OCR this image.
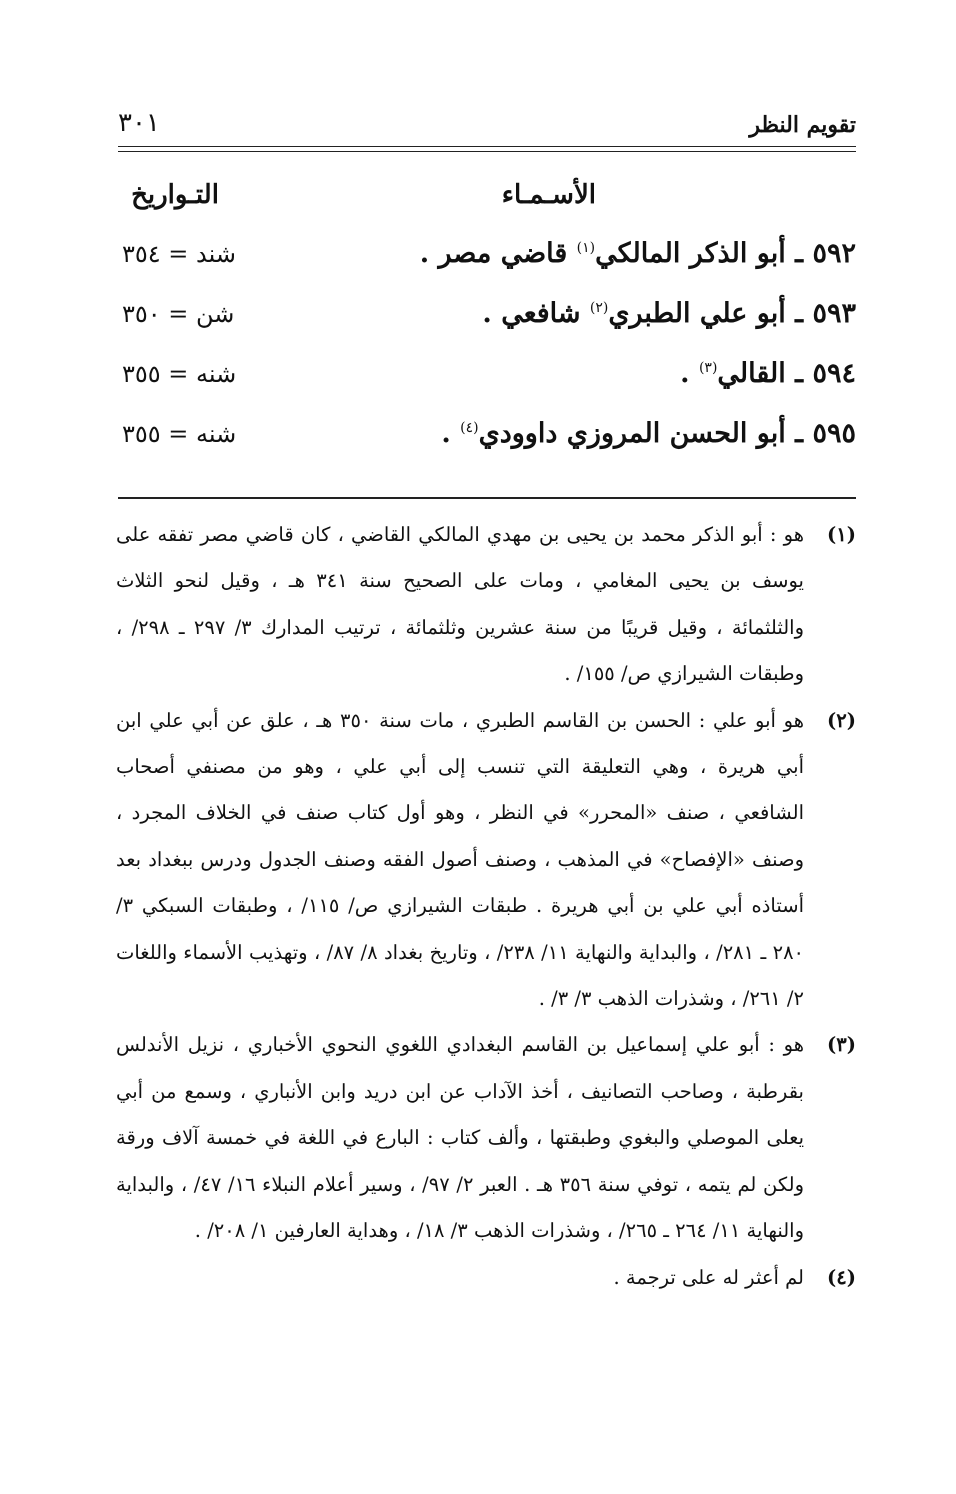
تقويم النظر
٣٠١
الأسـمـاء
التـواريخ
٥٩٢ ـ أبو الذكر المالكي$^{(١)}$ قاضي مصر .
شند = ٣٥٤
٥٩٣ ـ أبو علي الطبري$^{(٢)}$ شافعي .
شن = ٣٥٠
٥٩٤ ـ القالي$^{(٣)}$ .
شنه = ٣٥٥
٥٩٥ ـ أبو الحسن المروزي داوودي$^{(٤)}$ .
شنه = ٣٥٥

(١)
هو : أبو الذكر محمد بن يحيى بن مهدي المالكي القاضي ، كان قاضي مصر تفقه على يوسف بن يحيى المغامي ، ومات على الصحيح سنة ٣٤١ هـ ، وقيل لنحو الثلاث والثلثمائة ، وقيل قريبًا من سنة عشرين وثلثمائة ، ترتيب المدارك ٣/ ٢٩٧ ـ ٢٩٨/ ، وطبقات الشيرازي ص/ ١٥٥/ .

(٢)
هو أبو علي : الحسن بن القاسم الطبري ، مات سنة ٣٥٠ هـ ، علق عن أبي علي ابن أبي هريرة ، وهي التعليقة التي تنسب إلى أبي علي ، وهو من مصنفي أصحاب الشافعي ، صنف «المحرر» في النظر ، وهو أول كتاب صنف في الخلاف المجرد ، وصنف «الإفصاح» في المذهب ، وصنف أصول الفقه وصنف الجدول ودرس ببغداد بعد أستاذه أبي علي بن أبي هريرة . طبقات الشيرازي ص/ ١١٥/ ، وطبقات السبكي ٣/ ٢٨٠ ـ ٢٨١/ ، والبداية والنهاية ١١/ ٢٣٨/ ، وتاريخ بغداد ٨/ ٨٧/ ، وتهذيب الأسماء واللغات ٢/ ٢٦١/ ، وشذرات الذهب ٣/ ٣/ .

(٣)
هو : أبو علي إسماعيل بن القاسم البغدادي اللغوي النحوي الأخباري ، نزيل الأندلس بقرطبة ، وصاحب التصانيف ، أخذ الآداب عن ابن دريد وابن الأنباري ، وسمع من أبي يعلى الموصلي والبغوي وطبقتها ، وألف كتاب : البارع في اللغة في خمسة آلاف ورقة ولكن لم يتمه ، توفي سنة ٣٥٦ هـ . العبر ٢/ ٩٧/ ، وسير أعلام النبلاء ١٦/ ٤٧/ ، والبداية والنهاية ١١/ ٢٦٤ ـ ٢٦٥/ ، وشذرات الذهب ٣/ ١٨/ ، وهداية العارفين ١/ ٢٠٨/ .

(٤)
لم أعثر له على ترجمة .
